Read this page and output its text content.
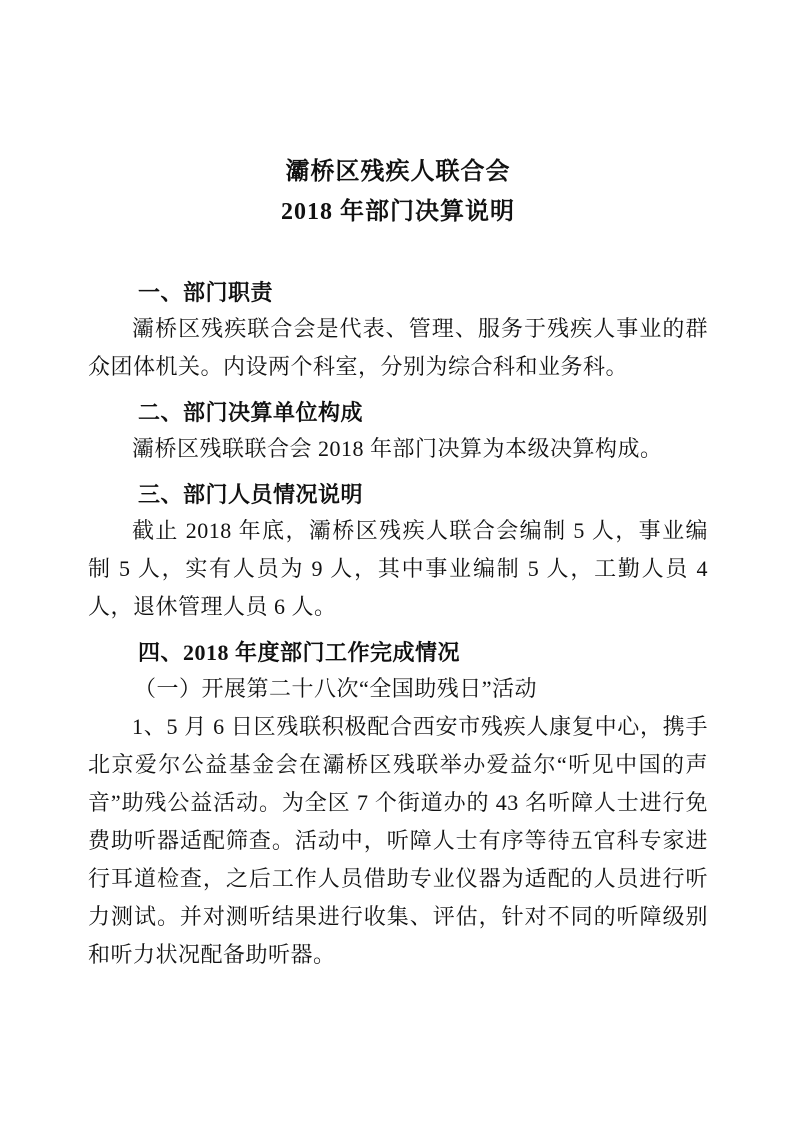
灞桥区残疾人联合会
2018 年部门决算说明
一、部门职责

灞桥区残疾联合会是代表、管理、服务于残疾人事业的群众团体机关。内设两个科室，分别为综合科和业务科。

二、部门决算单位构成

灞桥区残联联合会 2018 年部门决算为本级决算构成。

三、部门人员情况说明

截止 2018 年底，灞桥区残疾人联合会编制 5 人，事业编制 5 人，实有人员为 9 人，其中事业编制 5 人，工勤人员 4 人，退休管理人员 6 人。

四、2018 年度部门工作完成情况

（一）开展第二十八次“全国助残日”活动

1、5 月 6 日区残联积极配合西安市残疾人康复中心，携手北京爱尔公益基金会在灞桥区残联举办爱益尔“听见中国的声音”助残公益活动。为全区 7 个街道办的 43 名听障人士进行免费助听器适配筛查。活动中，听障人士有序等待五官科专家进行耳道检查，之后工作人员借助专业仪器为适配的人员进行听力测试。并对测听结果进行收集、评估，针对不同的听障级别和听力状况配备助听器。
